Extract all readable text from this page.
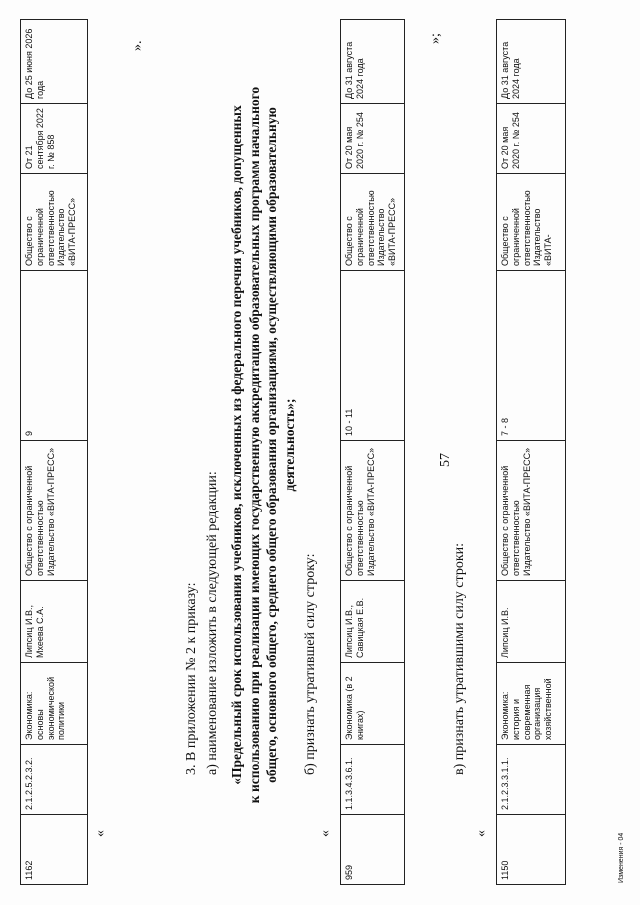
57
1162	2.1.2.5.2.3.2.	Экономика: основы экономической политики	Липсиц И.В., Мхеева С.А.	Общество с ограниченной ответственностью Издательство «ВИТА-ПРЕСС»	9	Общество с ограниченной ответственностью Издательство «ВИТА-ПРЕСС»	От 21 сентября 2022 г. № 858	До 25 июня 2026 года
«
».
3. В приложении № 2 к приказу: а) наименование изложить в следующей редакции: «Предельный срок использования учебников, исключенных из федерального перечня учебников, допущенных к использованию при реализации имеющих государственную аккредитацию образовательных программ начального общего, основного общего, среднего общего образования организациями, осуществляющими образовательную деятельность»;
б) признать утратившей силу строку:
959	1.1.3.4.3.6.1.	Экономика (в 2 книгах)	Липсиц И.В., Савицкая Е.В.	Общество с ограниченной ответственностью Издательство «ВИТА-ПРЕСС»	10 - 11	Общество с ограниченной ответственностью Издательство «ВИТА-ПРЕСС»	От 20 мая 2020 г. № 254	До 31 августа 2024 года
«
»;
в) признать утратившими силу строки:
«
1150	2.1.2.3.3.1.1.	Экономика: история и современная организация хозяйственной	Липсиц И.В.	Общество с ограниченной ответственностью Издательство «ВИТА-ПРЕСС»	7 - 8	Общество с ограниченной ответственностью Издательство «ВИТА-	От 20 мая 2020 г. № 254	До 31 августа 2024 года
Изменения - 04
